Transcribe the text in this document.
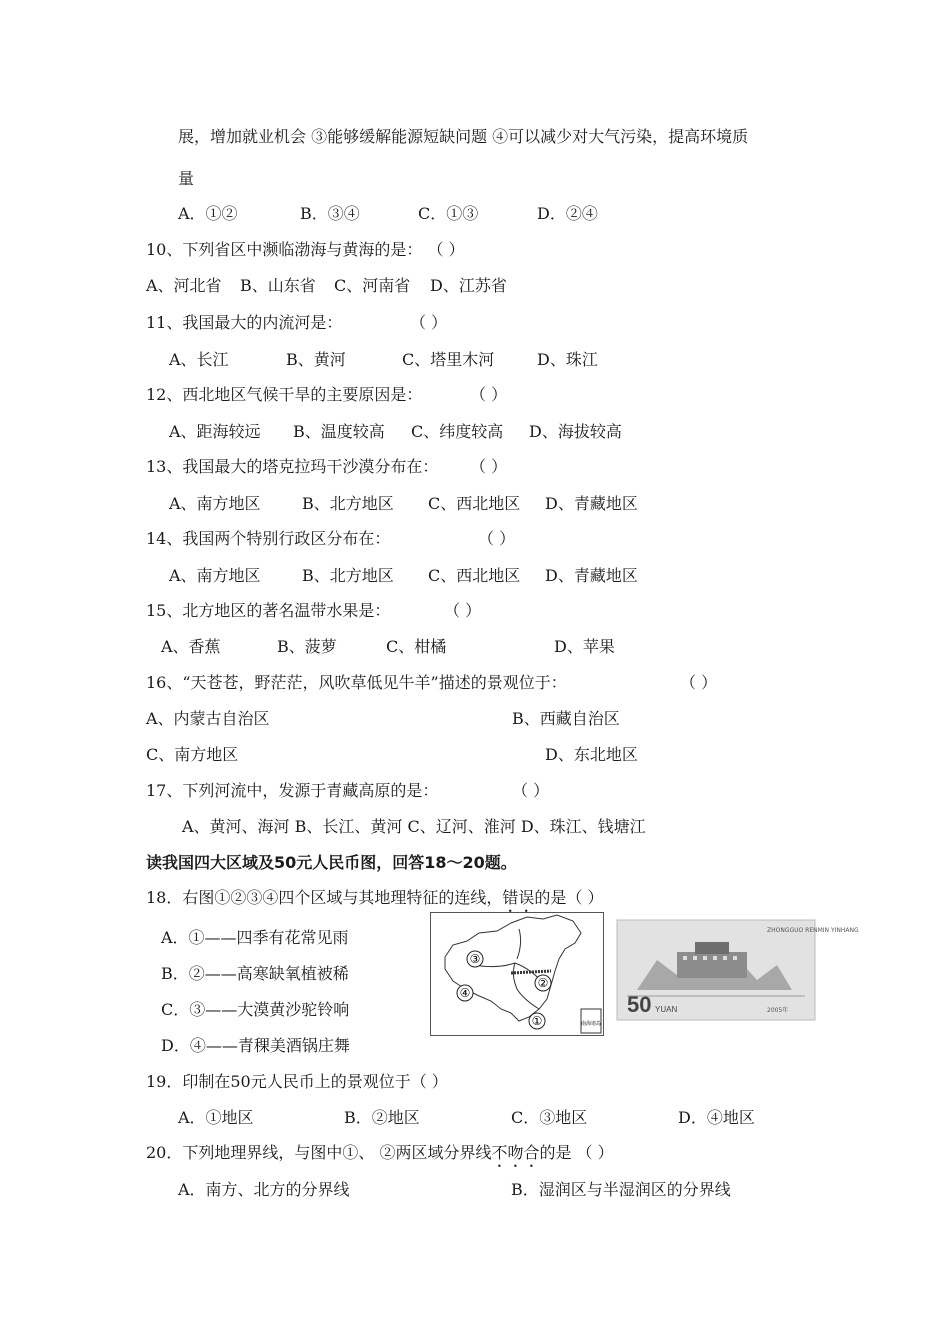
展，增加就业机会 ③能够缓解能源短缺问题 ④可以减少对大气污染，提高环境质
量
A．①②	B．③④	C．①③	D．②④
10、下列省区中濒临渤海与黄海的是： （ ）
A、河北省 B、山东省 C、河南省 D、江苏省
11、我国最大的内流河是：	（ ）
A、长江	B、黄河	C、塔里木河	D、珠江
12、西北地区气候干旱的主要原因是：	（ ）
A、距海较远 B、温度较高 C、纬度较高 D、海拔较高
13、我国最大的塔克拉玛干沙漠分布在： （ ）
A、南方地区	B、北方地区 C、西北地区 D、青藏地区
14、我国两个特别行政区分布在：	（ ）
A、南方地区	B、北方地区 C、西北地区 D、青藏地区
15、北方地区的著名温带水果是：	（ ）
A、香蕉	B、菠萝	C、柑橘	D、苹果
16、“天苍苍，野茫茫，风吹草低见牛羊”描述的景观位于：	（ ）
A、内蒙古自治区	B、西藏自治区
C、南方地区	D、东北地区
17、下列河流中，发源于青藏高原的是：	（ ）
A、黄河、海河 B、长江、黄河 C、辽河、淮河 D、珠江、钱塘江
读我国四大区域及50元人民币图，回答18～20题。
18．右图①②③④四个区域与其地理特征的连线，错误的是（ ）
A．①——四季有花常见雨
B．②——高寒缺氧植被稀
C．③——大漠黄沙驼铃响
D．④——青稞美酒锅庄舞
南海诸岛
①
②
③
④
ZHONGGUO RENMIN YINHANG
50 YUAN	2005年
19．印制在50元人民币上的景观位于（ ）
A．①地区	B．②地区	C．③地区	D．④地区
20．下列地理界线，与图中①、 ②两区域分界线不吻合的是 （ ）
A．南方、北方的分界线	B．湿润区与半湿润区的分界线
